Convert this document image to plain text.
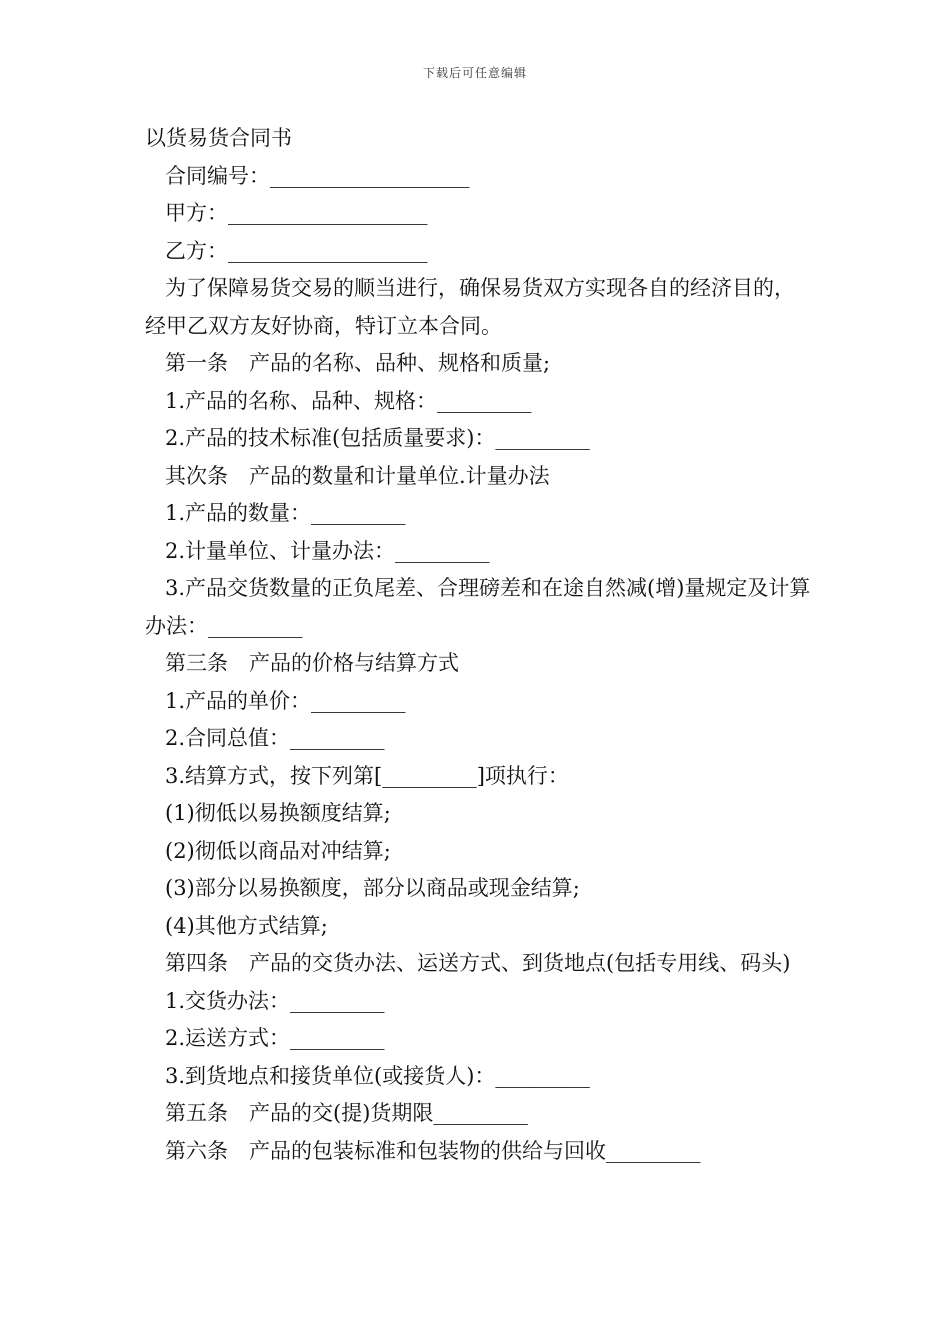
下载后可任意编辑
以货易货合同书
合同编号：___________________
甲方：___________________
乙方：___________________
为了保障易货交易的顺当进行，确保易货双方实现各自的经济目的，经甲乙双方友好协商，特订立本合同。
第一条　产品的名称、品种、规格和质量;
1.产品的名称、品种、规格：_________
2.产品的技术标准(包括质量要求)：_________
其次条　产品的数量和计量单位.计量办法
1.产品的数量：_________
2.计量单位、计量办法：_________
3.产品交货数量的正负尾差、合理磅差和在途自然减(增)量规定及计算办法：_________
第三条　产品的价格与结算方式
1.产品的单价：_________
2.合同总值：_________
3.结算方式，按下列第[_________]项执行：
(1)彻低以易换额度结算;
(2)彻低以商品对冲结算;
(3)部分以易换额度，部分以商品或现金结算;
(4)其他方式结算;
第四条　产品的交货办法、运送方式、到货地点(包括专用线、码头)
1.交货办法：_________
2.运送方式：_________
3.到货地点和接货单位(或接货人)：_________
第五条　产品的交(提)货期限_________
第六条　产品的包装标准和包装物的供给与回收_________
